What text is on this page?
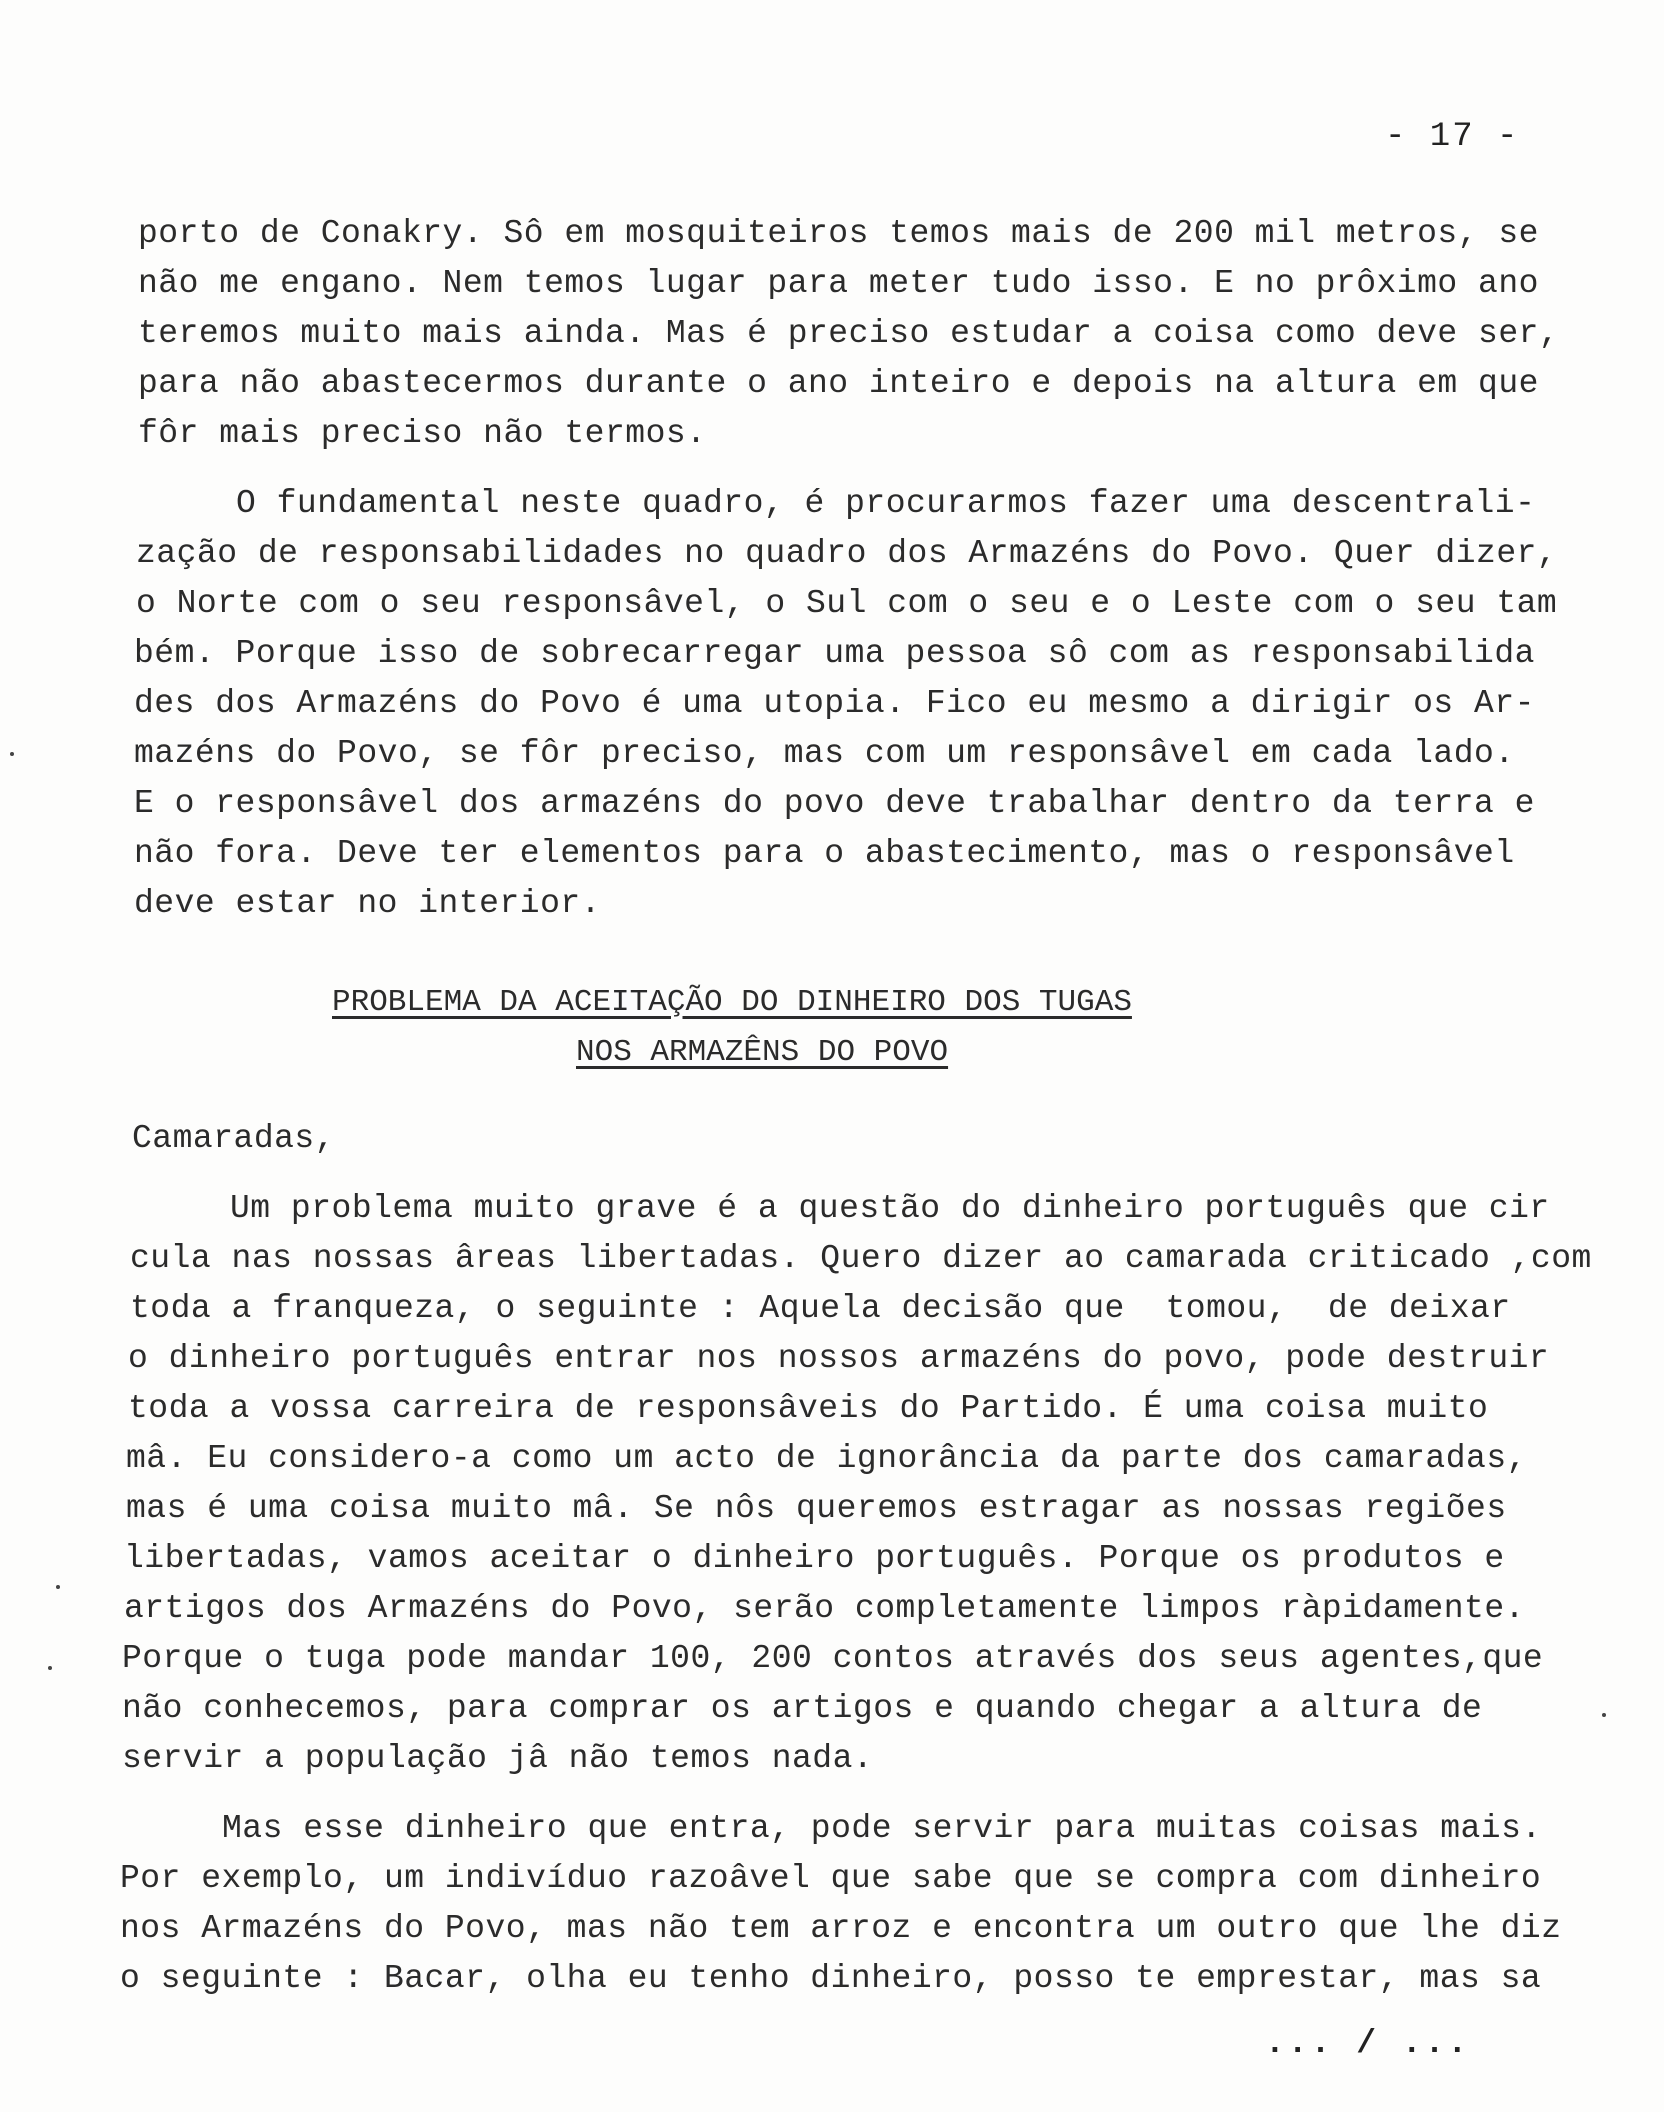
- 17 -
porto de Conakry. Sô em mosquiteiros temos mais de 200 mil metros, se
não me engano. Nem temos lugar para meter tudo isso. E no prôximo ano
teremos muito mais ainda. Mas é preciso estudar a coisa como deve ser,
para não abastecermos durante o ano inteiro e depois na altura em que
fôr mais preciso não termos.
O fundamental neste quadro, é procurarmos fazer uma descentrali-
zação de responsabilidades no quadro dos Armazéns do Povo. Quer dizer,
o Norte com o seu responsâvel, o Sul com o seu e o Leste com o seu tam
bém. Porque isso de sobrecarregar uma pessoa sô com as responsabilida
des dos Armazéns do Povo é uma utopia. Fico eu mesmo a dirigir os Ar-
mazéns do Povo, se fôr preciso, mas com um responsâvel em cada lado.
E o responsâvel dos armazéns do povo deve trabalhar dentro da terra e
não fora. Deve ter elementos para o abastecimento, mas o responsâvel
deve estar no interior.
PROBLEMA DA ACEITAÇÃO DO DINHEIRO DOS TUGAS
NOS ARMAZÊNS DO POVO
Camaradas,
Um problema muito grave é a questão do dinheiro português que cir
cula nas nossas âreas libertadas. Quero dizer ao camarada criticado ,com
toda a franqueza, o seguinte : Aquela decisão que  tomou,  de deixar
o dinheiro português entrar nos nossos armazéns do povo, pode destruir
toda a vossa carreira de responsâveis do Partido. É uma coisa muito
mâ. Eu considero-a como um acto de ignorância da parte dos camaradas,
mas é uma coisa muito mâ. Se nôs queremos estragar as nossas regiões
libertadas, vamos aceitar o dinheiro português. Porque os produtos e
artigos dos Armazéns do Povo, serão completamente limpos ràpidamente.
Porque o tuga pode mandar 100, 200 contos através dos seus agentes,que
não conhecemos, para comprar os artigos e quando chegar a altura de
servir a população jâ não temos nada.
Mas esse dinheiro que entra, pode servir para muitas coisas mais.
Por exemplo, um indivíduo razoâvel que sabe que se compra com dinheiro
nos Armazéns do Povo, mas não tem arroz e encontra um outro que lhe diz
o seguinte : Bacar, olha eu tenho dinheiro, posso te emprestar, mas sa
... / ...
